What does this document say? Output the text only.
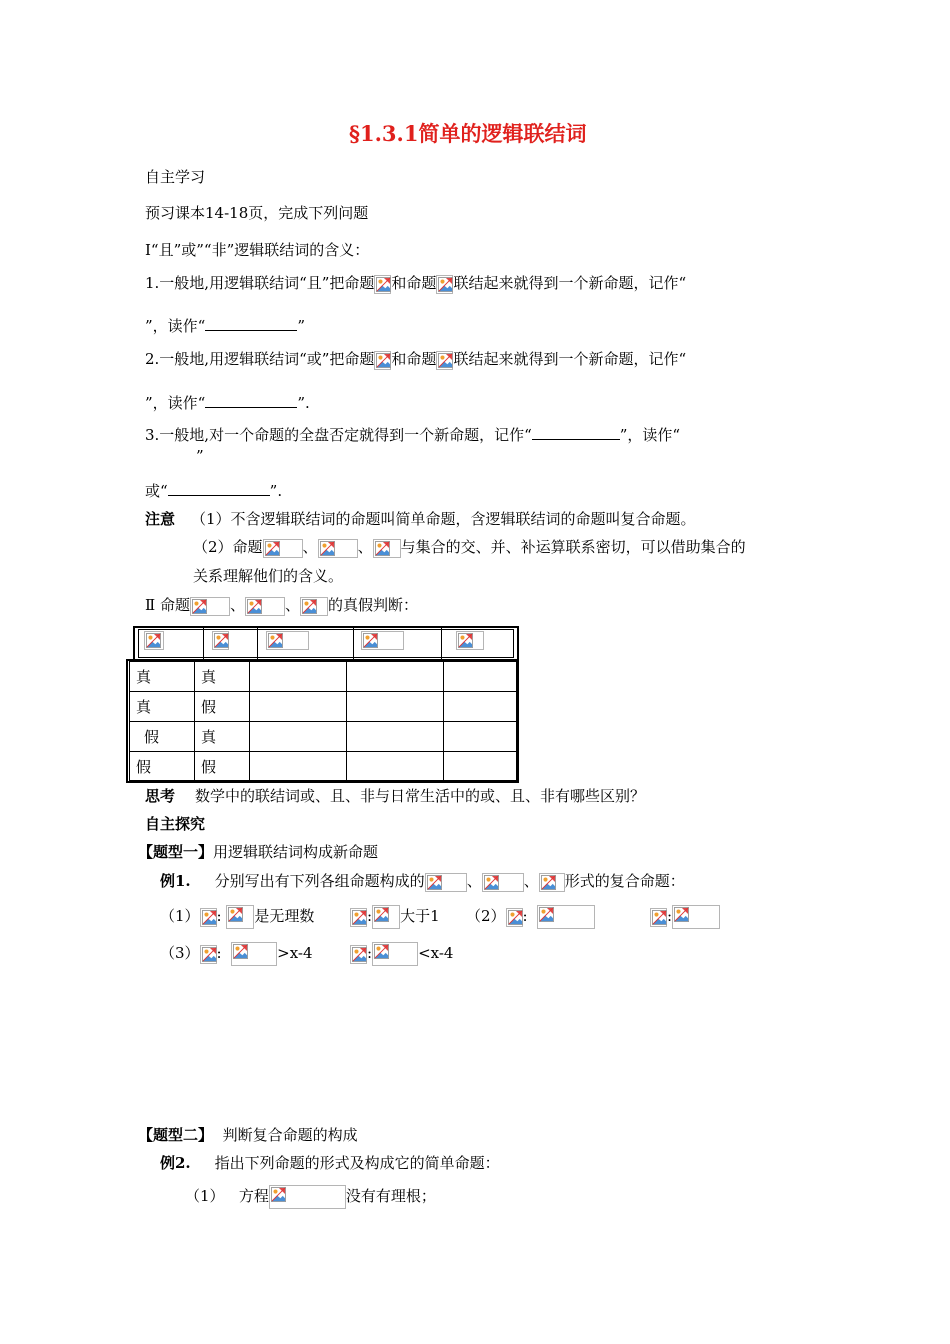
§1.3.1简单的逻辑联结词
自主学习
预习课本14-18页，完成下列问题
Ⅰ“且”或”“非”逻辑联结词的含义：
1.一般地,用逻辑联结词“且”把命题 和命题 联结起来就得到一个新命题，记作“
”，读作“	”
2.一般地,用逻辑联结词“或”把命题 和命题 联结起来就得到一个新命题，记作“
”，读作“	”.
3.一般地,对一个命题的全盘否定就得到一个新命题，记作“	”，读作“
”
或“	”.
注意 （1）不含逻辑联结词的命题叫简单命题，含逻辑联结词的命题叫复合命题。
（2）命题	、	、 与集合的交、并、补运算联系密切，可以借助集合的
关系理解他们的含义。
Ⅱ 命题	、	、 的真假判断：
真	真			
真	假			
假	真			
假	假			
思考 数学中的联结词或、且、非与日常生活中的或、且、非有哪些区别？
自主探究
【题型一】用逻辑联结词构成新命题
例1. 分别写出有下列各组命题构成的	、	、 形式的复合命题：
（1） : 是无理数	: 大于1 （2） :	:
（3） :	>x-4	:	<x-4
【题型二】 判断复合命题的构成
例2. 指出下列命题的形式及构成它的简单命题：
（1） 方程	没有有理根；
